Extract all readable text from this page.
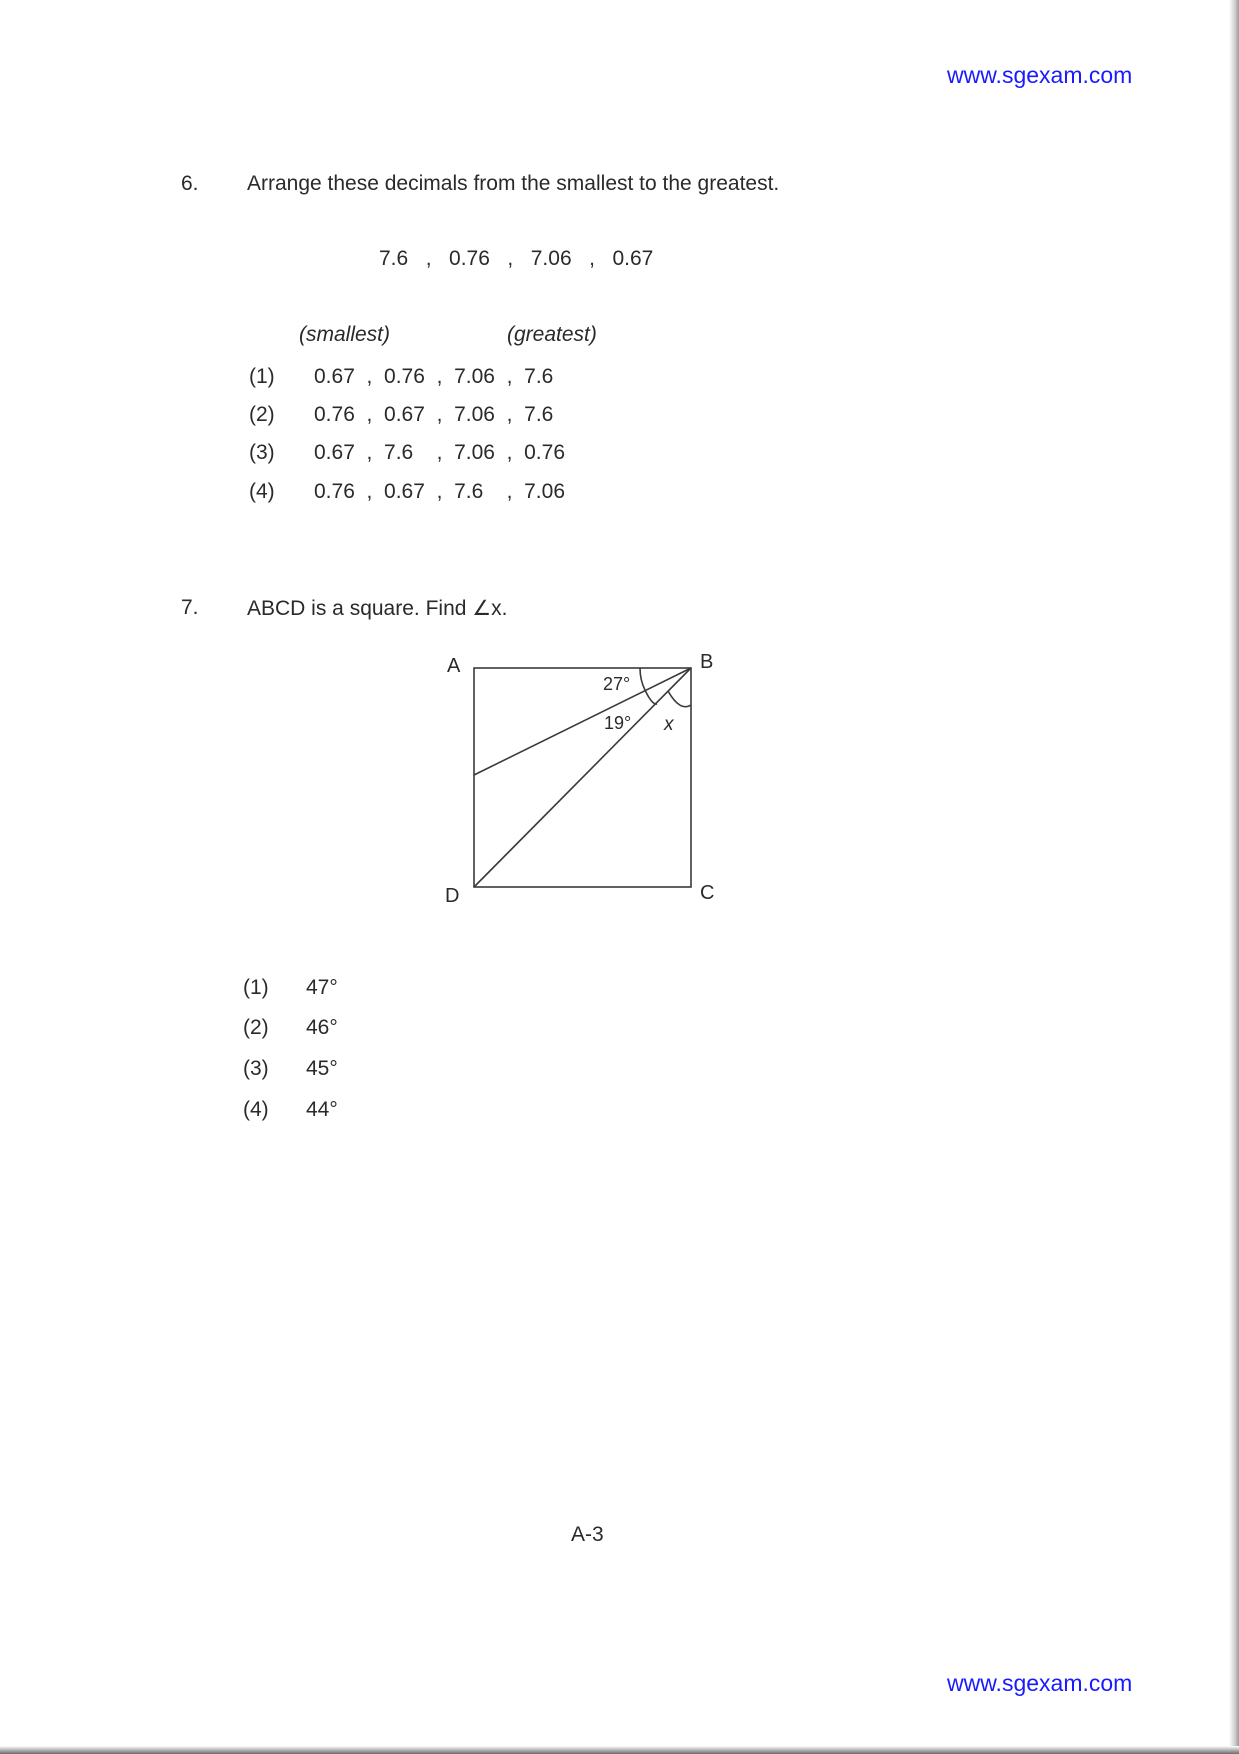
www.sgexam.com
6. Arrange these decimals from the smallest to the greatest.
7.6   ,   0.76   ,   7.06   ,   0.67
(smallest)	(greatest)
(1) 0.67  ,  0.76  ,  7.06  ,  7.6
(2) 0.76  ,  0.67  ,  7.06  ,  7.6
(3) 0.67  ,  7.6    ,  7.06  ,  0.76
(4) 0.76  ,  0.67  ,  7.6    ,  7.06
7. ABCD is a square. Find ∠x.
A	B
C
D
27°
19° x
(1) 47°
(2) 46°
(3) 45°
(4) 44°
A-3
www.sgexam.com
